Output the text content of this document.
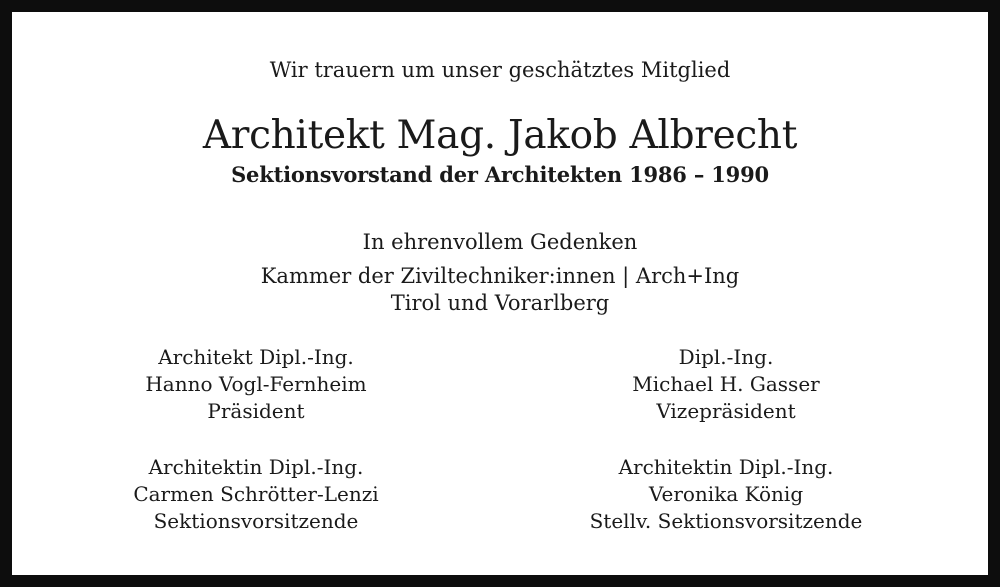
Wir trauern um unser geschätztes Mitglied
Architekt Mag. Jakob Albrecht
Sektionsvorstand der Architekten 1986 – 1990
In ehrenvollem Gedenken
Kammer der Ziviltechniker:innen | Arch+Ing
Tirol und Vorarlberg
Architekt Dipl.-Ing.
Hanno Vogl-Fernheim
Präsident
Dipl.-Ing.
Michael H. Gasser
Vizepräsident
Architektin Dipl.-Ing.
Carmen Schrötter-Lenzi
Sektionsvorsitzende
Architektin Dipl.-Ing.
Veronika König
Stellv. Sektionsvorsitzende
